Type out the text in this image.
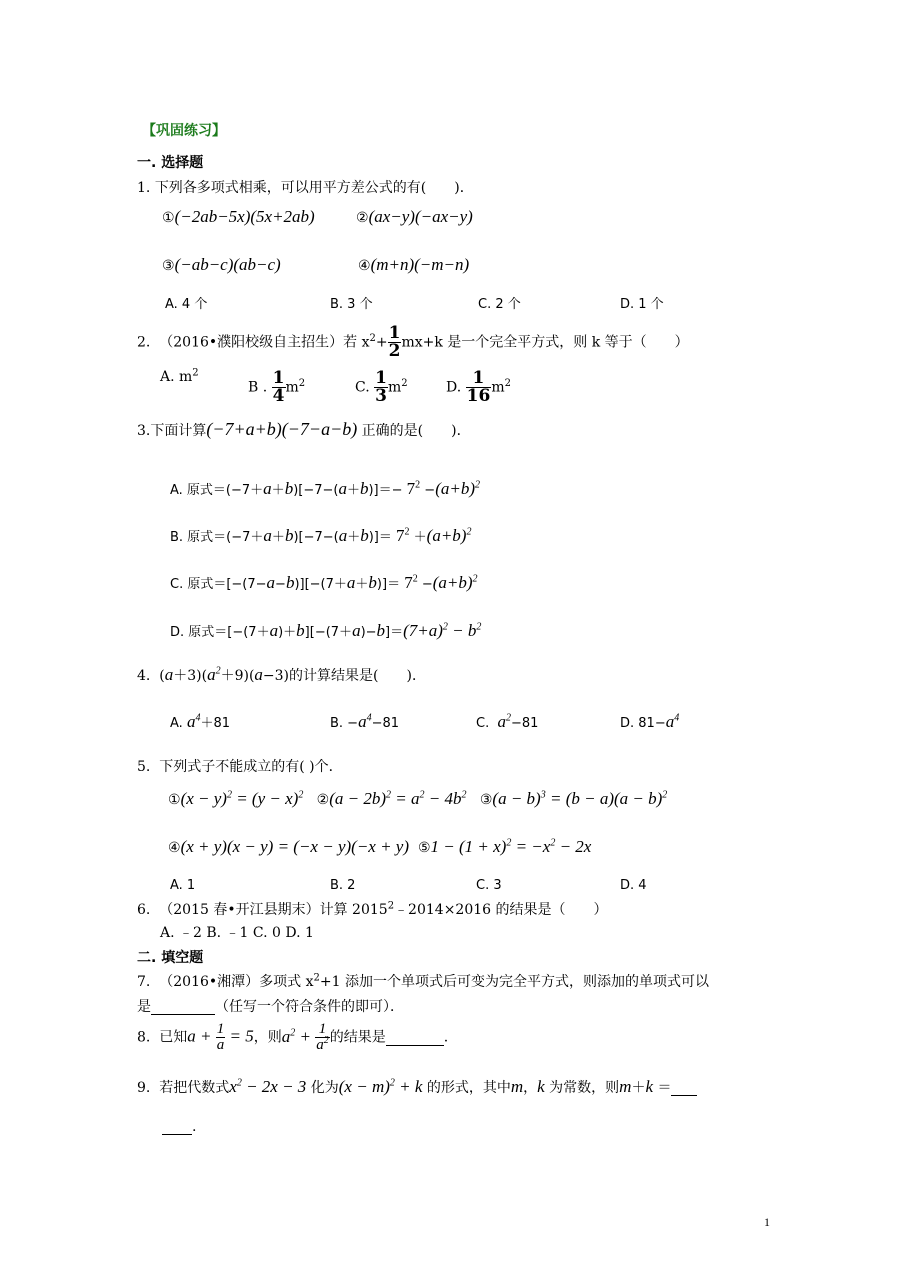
【巩固练习】
一. 选择题
1. 下列各多项式相乘，可以用平方差公式的有(　　)．
①(−2ab−5x)(5x+2ab)	②(ax−y)(−ax−y)
③(−ab−c)(ab−c)	④(m+n)(−m−n)
A. 4 个	B. 3 个	C. 2 个	D. 1 个
2. （2016•濮阳校级自主招生）若 $x^2+ \frac{1}{2} mx+k$ 是一个完全平方式，则 k 等于（　　）
A. $m^2$
B . $\frac{1}{4} m^2$	C. $\frac{1}{3} m^2$	D. $\frac{1}{16} m^2$
3.下面计算(−7+a+b)(−7−a−b) 正确的是(　　)．
A. 原式$=(-7+a+b)[-7-(a+b)]=- 7^2 -(a+b)^2$
B. 原式$=(-7+a+b)[-7-(a+b)]= 7^2 +(a+b)^2$
C. 原式$=[-(7-a-b)][-(7+a+b)]= 7^2 -(a+b)^2$
D. 原式$=[-(7+a)+b][-(7+a)-b]=(7+a)^2 - b^2$
4.  $(a+3)(a^2+9)(a-3)$的计算结果是(　　)．
A. $a^4+81$	B. $-a^4-81$	C. $a^2-81$	D. $81-a^4$
5. 下列式子不能成立的有( )个．
①(x − $y)^2 = (y - x)^2$ ②(a − $2b)^2 = a^2 - 4b^2$ ③(a − $b)^3 = (b - a)(a - b)^2$
④(x + y)(x − y) = (−x − y)(−x + y) ⑤1 − $(1 + x)^2 = -x^2 - 2x$
A. 1	B. 2	C. 3	D. 4
6. （2015 春•开江县期末）计算 $2015^2﹣2014\times 2016$ 的结果是（　　）
A. ﹣2 B. ﹣1 C. 0 D. 1
二. 填空题
7. （2016•湘潭）多项式 $x^2+1$ 添加一个单项式后可变为完全平方式，则添加的单项式可以
是	（任写一个符合条件的即可）．
8. 已知$a + \frac{1}{a} = 5$，则$a^2 + \frac{1}{a^2}$ 的结果是	.
9. 若把代数式$x^2 - 2x - 3$ 化为$(x - m)^2 + k$ 的形式，其中m，k 为常数，则m＋k ＝
.
1
